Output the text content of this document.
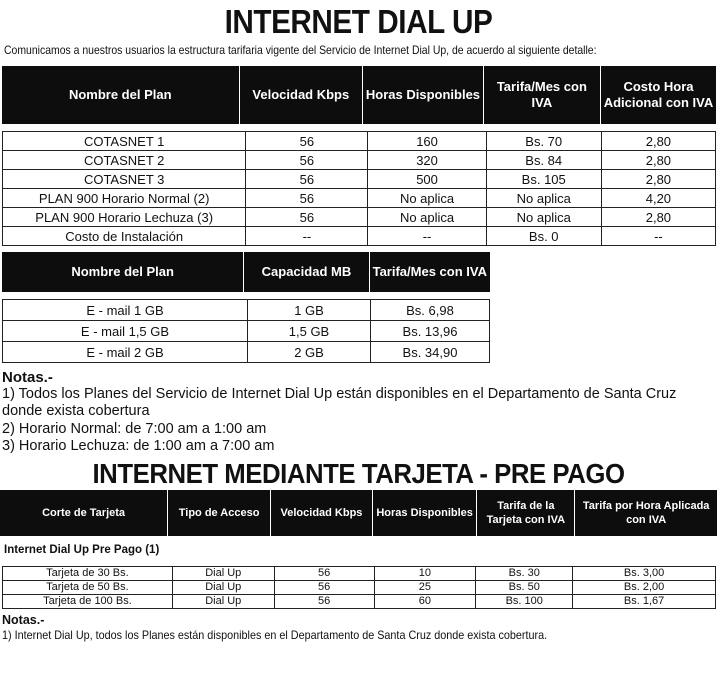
INTERNET DIAL UP
Comunicamos a nuestros usuarios la estructura tarifaria vigente del Servicio de Internet Dial Up, de acuerdo al siguiente detalle:
Nombre del Plan	Velocidad Kbps	Horas Disponibles	Tarifa/Mes con IVA	Costo Hora Adicional con IVA
COTASNET 1	56	160	Bs. 70	2,80
COTASNET 2	56	320	Bs. 84	2,80
COTASNET 3	56	500	Bs. 105	2,80
PLAN 900 Horario Normal (2)	56	No aplica	No aplica	4,20
PLAN 900 Horario Lechuza (3)	56	No aplica	No aplica	2,80
Costo de Instalación	--	--	Bs. 0	--
Nombre del Plan	Capacidad MB	Tarifa/Mes con IVA
E - mail 1 GB	1 GB	Bs. 6,98
E - mail 1,5 GB	1,5 GB	Bs. 13,96
E - mail 2 GB	2 GB	Bs. 34,90
Notas.-
1) Todos los Planes del Servicio de Internet Dial Up están disponibles en el Departamento de Santa Cruz donde exista cobertura
2) Horario Normal: de 7:00 am a 1:00 am
3) Horario Lechuza: de 1:00 am a 7:00 am
INTERNET MEDIANTE TARJETA - PRE PAGO
Corte de Tarjeta	Tipo de Acceso	Velocidad Kbps	Horas Disponibles	Tarifa de la Tarjeta con IVA	Tarifa por Hora Aplicada con IVA
Internet Dial Up Pre Pago (1)
Tarjeta de 30 Bs.	Dial Up	56	10	Bs. 30	Bs. 3,00
Tarjeta de 50 Bs.	Dial Up	56	25	Bs. 50	Bs. 2,00
Tarjeta de 100 Bs.	Dial Up	56	60	Bs. 100	Bs. 1,67
Notas.-
1) Internet Dial Up, todos los Planes están disponibles en el Departamento de Santa Cruz donde exista cobertura.
